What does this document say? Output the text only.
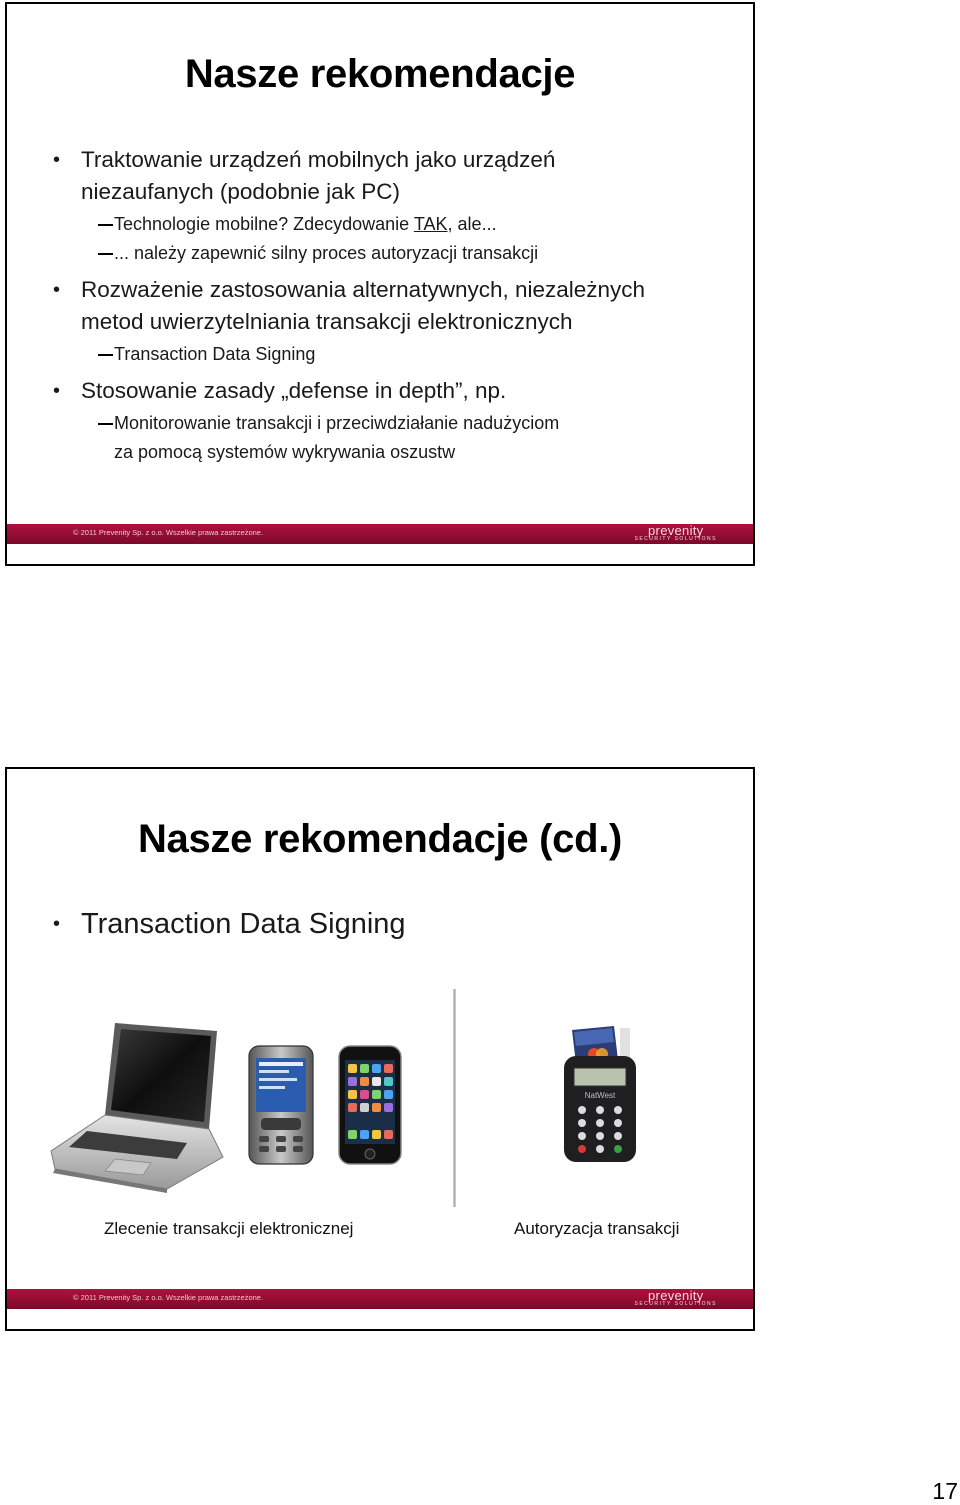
Nasze rekomendacje
• Traktowanie urządzeń mobilnych jako urządzeń
niezaufanych (podobnie jak PC)
Technologie mobilne? Zdecydowanie TAK, ale...
... należy zapewnić silny proces autoryzacji transakcji
• Rozważenie zastosowania alternatywnych, niezależnych
metod uwierzytelniania transakcji elektronicznych
Transaction Data Signing
• Stosowanie zasady „defense in depth”, np.
Monitorowanie transakcji i przeciwdziałanie nadużyciom
za pomocą systemów wykrywania oszustw
© 2011 Prevenity Sp. z o.o. Wszelkie prawa zastrzeżone.	prevenity
SECURITY SOLUTIONS
Nasze rekomendacje (cd.)
• Transaction Data Signing
NatWest
Zlecenie transakcji elektronicznej	Autoryzacja transakcji
© 2011 Prevenity Sp. z o.o. Wszelkie prawa zastrzeżone.	prevenity
SECURITY SOLUTIONS
17
